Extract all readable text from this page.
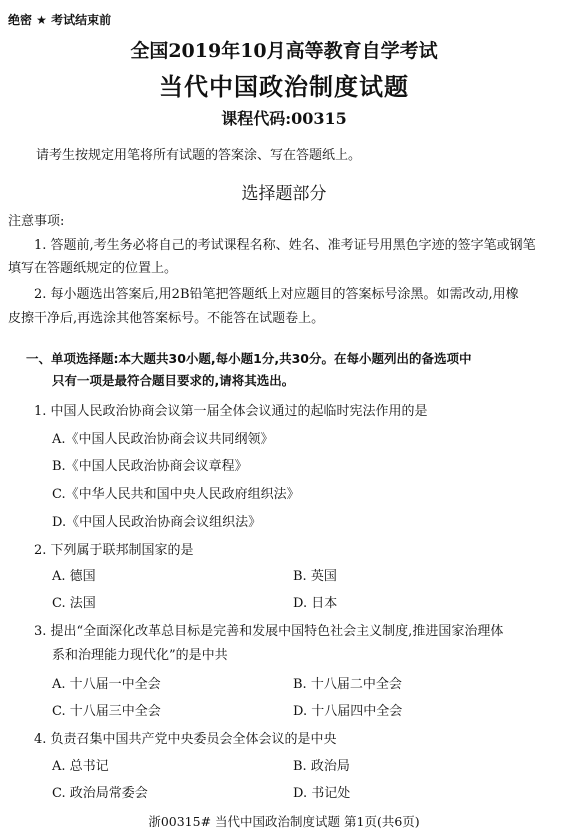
绝密 ★ 考试结束前
全国2019年10月高等教育自学考试
当代中国政治制度试题
课程代码:00315
请考生按规定用笔将所有试题的答案涂、写在答题纸上。
选择题部分
注意事项:
1. 答题前,考生务必将自己的考试课程名称、姓名、准考证号用黑色字迹的签字笔或钢笔
填写在答题纸规定的位置上。
2. 每小题选出答案后,用2B铅笔把答题纸上对应题目的答案标号涂黑。如需改动,用橡
皮擦干净后,再选涂其他答案标号。不能答在试题卷上。
一、单项选择题:本大题共30小题,每小题1分,共30分。在每小题列出的备选项中
只有一项是最符合题目要求的,请将其选出。
1. 中国人民政治协商会议第一届全体会议通过的起临时宪法作用的是
A.《中国人民政治协商会议共同纲领》
B.《中国人民政治协商会议章程》
C.《中华人民共和国中央人民政府组织法》
D.《中国人民政治协商会议组织法》
2. 下列属于联邦制国家的是
A. 德国	B. 英国
C. 法国	D. 日本
3. 提出“全面深化改革总目标是完善和发展中国特色社会主义制度,推进国家治理体
系和治理能力现代化”的是中共
A. 十八届一中全会	B. 十八届二中全会
C. 十八届三中全会	D. 十八届四中全会
4. 负责召集中国共产党中央委员会全体会议的是中央
A. 总书记	B. 政治局
C. 政治局常委会	D. 书记处
浙00315# 当代中国政治制度试题 第1页(共6页)
